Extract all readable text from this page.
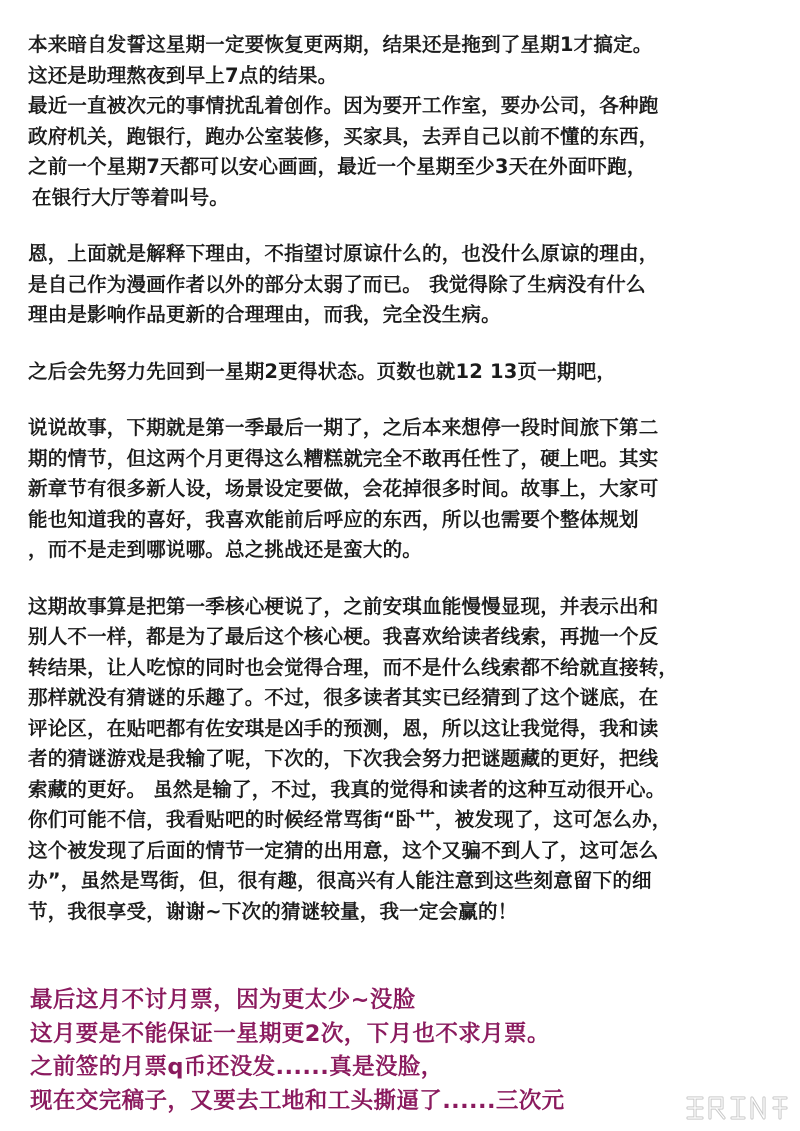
本来暗自发誓这星期一定要恢复更两期，结果还是拖到了星期1才搞定。
这还是助理熬夜到早上7点的结果。
最近一直被次元的事情扰乱着创作。因为要开工作室，要办公司，各种跑
政府机关，跑银行，跑办公室装修，买家具，去弄自己以前不懂的东西，
之前一个星期7天都可以安心画画，最近一个星期至少3天在外面吓跑，
在银行大厅等着叫号。
恩，上面就是解释下理由，不指望讨原谅什么的，也没什么原谅的理由，
是自己作为漫画作者以外的部分太弱了而已。 我觉得除了生病没有什么
理由是影响作品更新的合理理由，而我，完全没生病。
之后会先努力先回到一星期2更得状态。页数也就12 13页一期吧，
说说故事，下期就是第一季最后一期了，之后本来想停一段时间旅下第二
期的情节，但这两个月更得这么糟糕就完全不敢再任性了，硬上吧。其实
新章节有很多新人设，场景设定要做，会花掉很多时间。故事上，大家可
能也知道我的喜好，我喜欢能前后呼应的东西，所以也需要个整体规划
，而不是走到哪说哪。总之挑战还是蛮大的。
这期故事算是把第一季核心梗说了，之前安琪血能慢慢显现，并表示出和
别人不一样，都是为了最后这个核心梗。我喜欢给读者线索，再抛一个反
转结果，让人吃惊的同时也会觉得合理，而不是什么线索都不给就直接转，
那样就没有猜谜的乐趣了。不过，很多读者其实已经猜到了这个谜底，在
评论区，在贴吧都有佐安琪是凶手的预测，恩，所以这让我觉得，我和读
者的猜谜游戏是我输了呢，下次的，下次我会努力把谜题藏的更好，把线
索藏的更好。 虽然是输了，不过，我真的觉得和读者的这种互动很开心。
你们可能不信，我看贴吧的时候经常骂街“卧艹，被发现了，这可怎么办，
这个被发现了后面的情节一定猜的出用意，这个又骗不到人了，这可怎么
办”，虽然是骂街，但，很有趣，很高兴有人能注意到这些刻意留下的细
节，我很享受，谢谢~下次的猜谜较量，我一定会赢的！
最后这月不讨月票，因为更太少~没脸
这月要是不能保证一星期更2次，下月也不求月票。
之前签的月票q币还没发......真是没脸，
现在交完稿子，又要去工地和工头撕逼了......三次元
